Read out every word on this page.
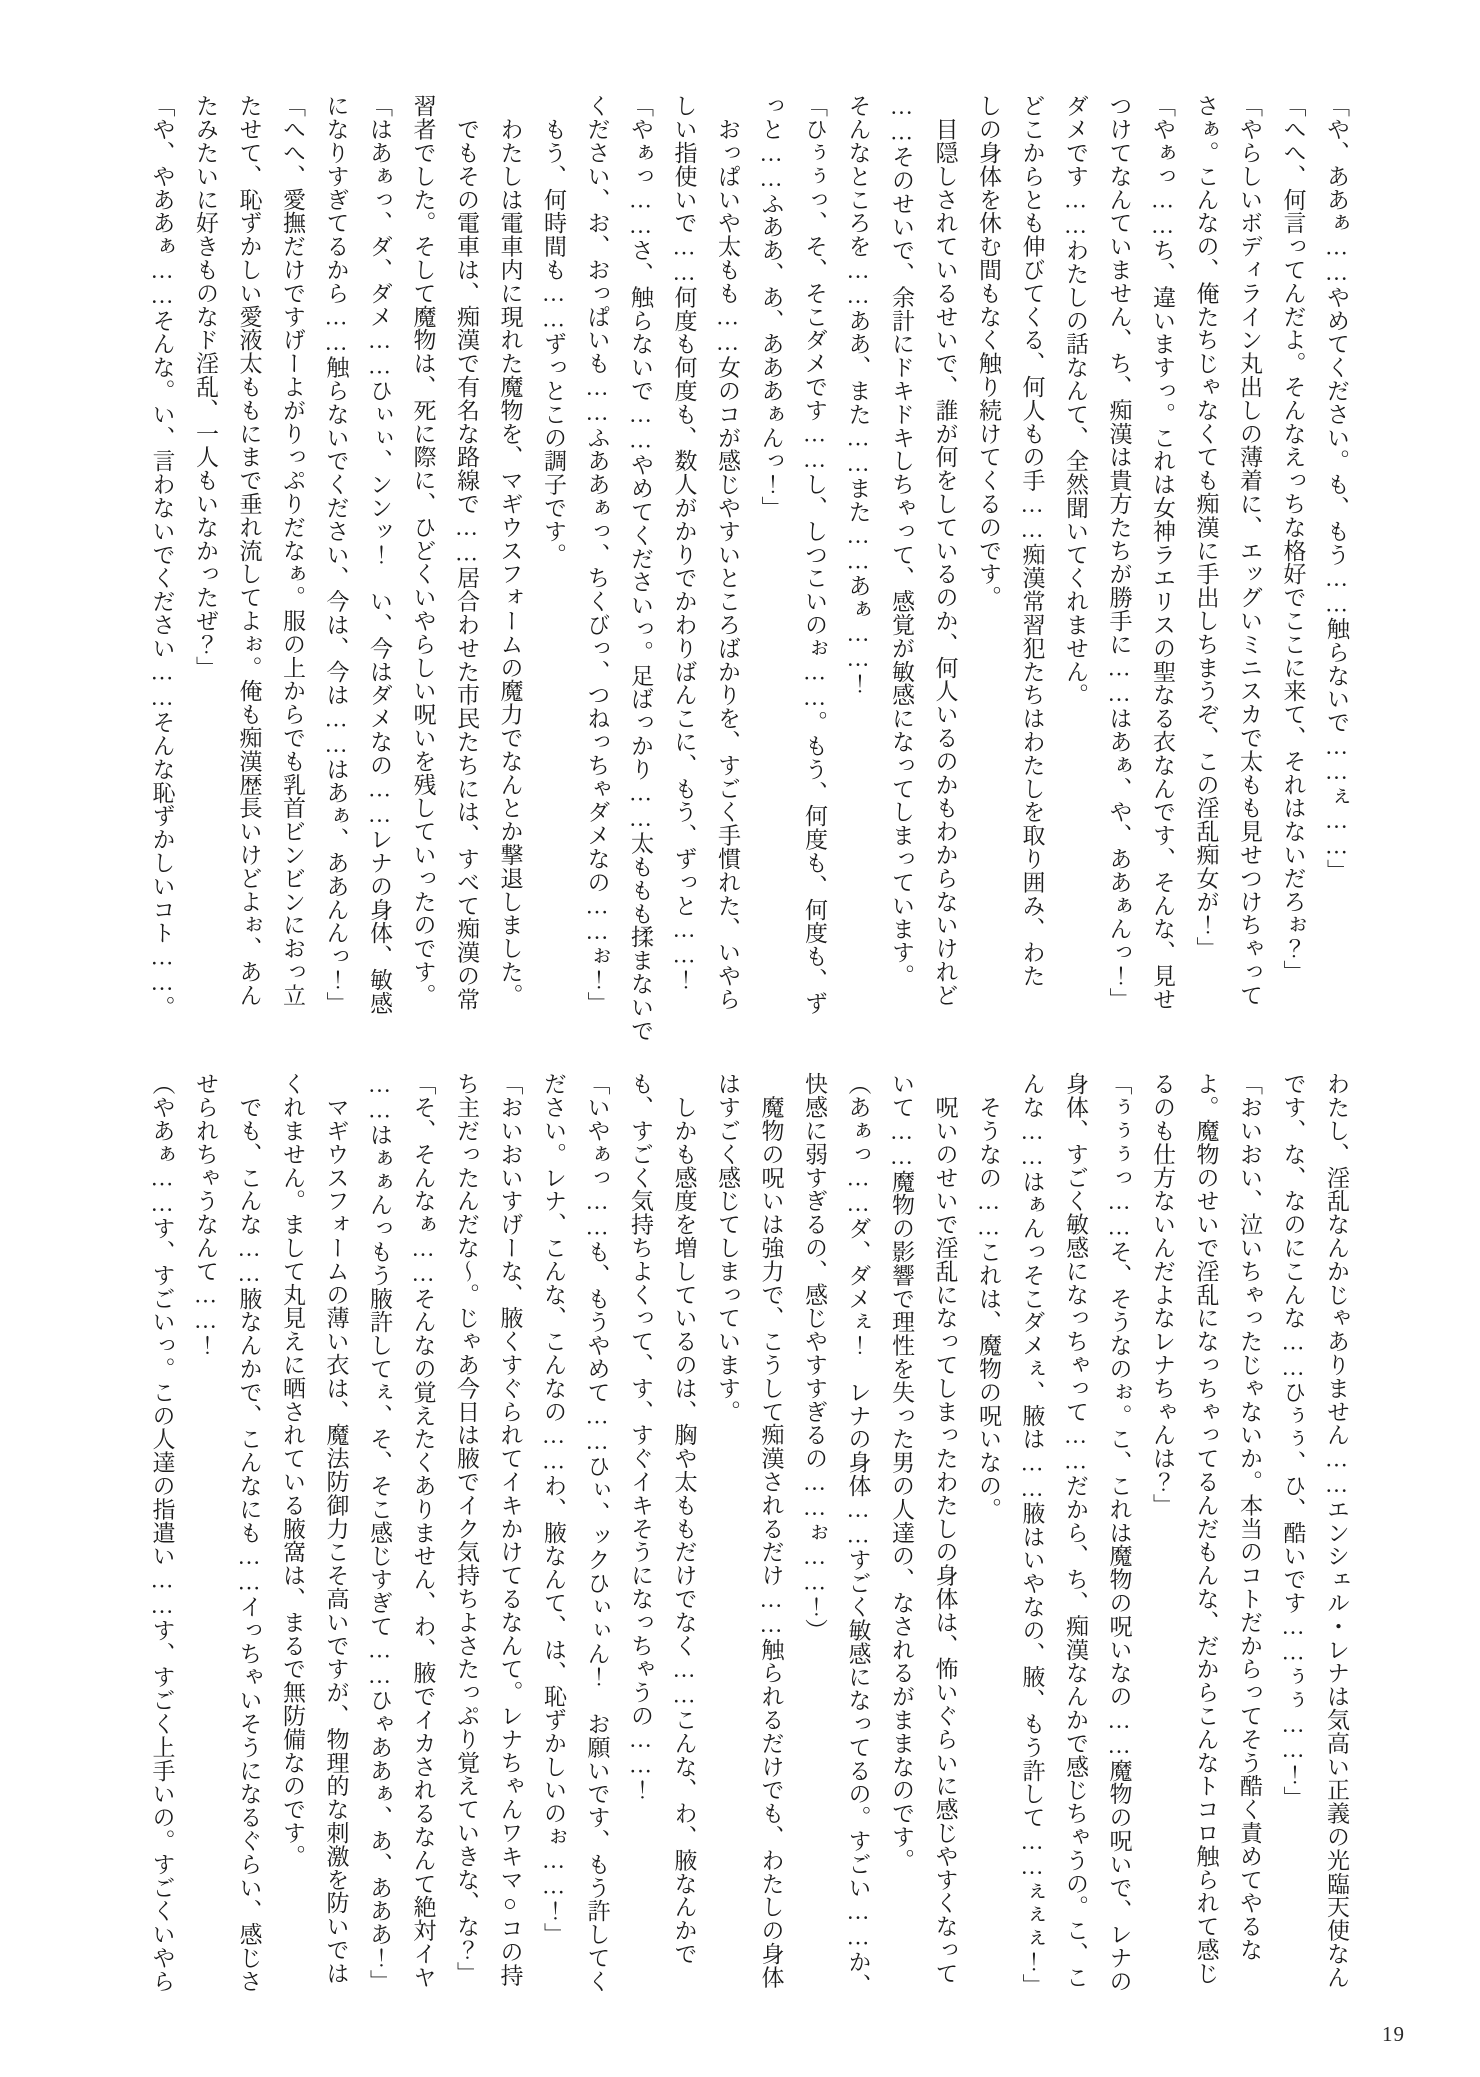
「や、ああぁ……やめてください。も、もう……触らないで……ぇ……」
「へへ、何言ってんだよ。そんなえっちな格好でここに来て、それはないだろぉ？」
「やらしいボディライン丸出しの薄着に、エッグいミニスカで太もも見せつけちゃって
さぁ。こんなの、俺たちじゃなくても痴漢に手出しちまうぞ、この淫乱痴女が！」
「やぁっ……ち、違いますっ。これは女神ラエリスの聖なる衣なんです、そんな、見せ
つけてなんていません、ち、痴漢は貴方たちが勝手に……はあぁ、や、ああぁんっ！」
ダメです……わたしの話なんて、全然聞いてくれません。
どこからとも伸びてくる、何人もの手……痴漢常習犯たちはわたしを取り囲み、わた
しの身体を休む間もなく触り続けてくるのです。
　目隠しされているせいで、誰が何をしているのか、何人いるのかもわからないけれど
……そのせいで、余計にドキドキしちゃって、感覚が敏感になってしまっています。
そんなところを……ああ、また……また……あぁ……！
「ひぅぅっ、そ、そこダメです……し、しつこいのぉ……。もう、何度も、何度も、ず
っと……ふああ、あ、あああぁんっ！」
　おっぱいや太もも……女のコが感じやすいところばかりを、すごく手慣れた、いやら
しい指使いで……何度も何度も、数人がかりでかわりばんこに、もう、ずっと……！
「やぁっ……さ、触らないで……やめてくださいっ。足ばっかり……太ももも揉まないで
ください、お、おっぱいも……ふああぁっ、ちくびっ、つねっちゃダメなの……ぉ！」
　もう、何時間も……ずっとこの調子です。
　わたしは電車内に現れた魔物を、マギウスフォームの魔力でなんとか撃退しました。
　でもその電車は、痴漢で有名な路線で……居合わせた市民たちには、すべて痴漢の常
習者でした。そして魔物は、死に際に、ひどくいやらしい呪いを残していったのです。
「はあぁっ、ダ、ダメ……ひぃぃ、ンンッ！　い、今はダメなの……レナの身体、敏感
になりすぎてるから……触らないでください、今は、今は……はあぁ、ああんんっ！」
「へへ、愛撫だけですげーよがりっぷりだなぁ。服の上からでも乳首ビンビンにおっ立
たせて、恥ずかしい愛液太ももにまで垂れ流してよぉ。俺も痴漢歴長いけどよぉ、あん
たみたいに好きものなド淫乱、一人もいなかったぜ？」
「や、やああぁ……そんな。い、言わないでください……そんな恥ずかしいコト……。
わたし、淫乱なんかじゃありません……エンシェル・レナは気高い正義の光臨天使なん
です、な、なのにこんな……ひぅぅ、ひ、酷いです……ぅぅ……！」
「おいおい、泣いちゃったじゃないか。本当のコトだからってそう酷く責めてやるな
よ。魔物のせいで淫乱になっちゃってるんだもんな、だからこんなトコロ触られて感じ
るのも仕方ないんだよなレナちゃんは？」
「ぅぅぅっ……そ、そうなのぉ。こ、これは魔物の呪いなの……魔物の呪いで、レナの
身体、すごく敏感になっちゃって……だから、ち、痴漢なんかで感じちゃうの。こ、こ
んな……はぁんっそこダメぇ、腋は……腋はいやなの、腋、もう許して……ぇぇぇ！」
　そうなの……これは、魔物の呪いなの。
　呪いのせいで淫乱になってしまったわたしの身体は、怖いぐらいに感じやすくなって
いて……魔物の影響で理性を失った男の人達の、なされるがままなのです。
（あぁっ……ダ、ダメぇ！　レナの身体……すごく敏感になってるの。すごい……か、
快感に弱すぎるの、感じやすすぎるの……ぉ……！）
　魔物の呪いは強力で、こうして痴漢されるだけ……触られるだけでも、わたしの身体
はすごく感じてしまっています。
　しかも感度を増しているのは、胸や太ももだけでなく……こんな、わ、腋なんかで
も、すごく気持ちよくって、す、すぐイキそうになっちゃうの……！
「いやぁっ……も、もうやめて……ひぃ、ックひぃぃん！　お願いです、もう許してく
ださい。レナ、こんな、こんなの……わ、腋なんて、は、恥ずかしいのぉ……！」
「おいおいすげーな、腋くすぐられてイキかけてるなんて。レナちゃんワキマ○コの持
ち主だったんだな〜。じゃあ今日は腋でイク気持ちよさたっぷり覚えていきな、な？」
「そ、そんなぁ……そんなの覚えたくありません、わ、腋でイカされるなんて絶対イヤ
……はぁぁんっもう腋許してぇ、そ、そこ感じすぎて……ひゃああぁ、あ、あああ！」
　マギウスフォームの薄い衣は、魔法防御力こそ高いですが、物理的な刺激を防いでは
くれません。まして丸見えに晒されている腋窩は、まるで無防備なのです。
　でも、こんな……腋なんかで、こんなにも……イっちゃいそうになるぐらい、感じさ
せられちゃうなんて……！
（やあぁ……す、すごいっ。この人達の指遣い……す、すごく上手いの。すごくいやら
19
